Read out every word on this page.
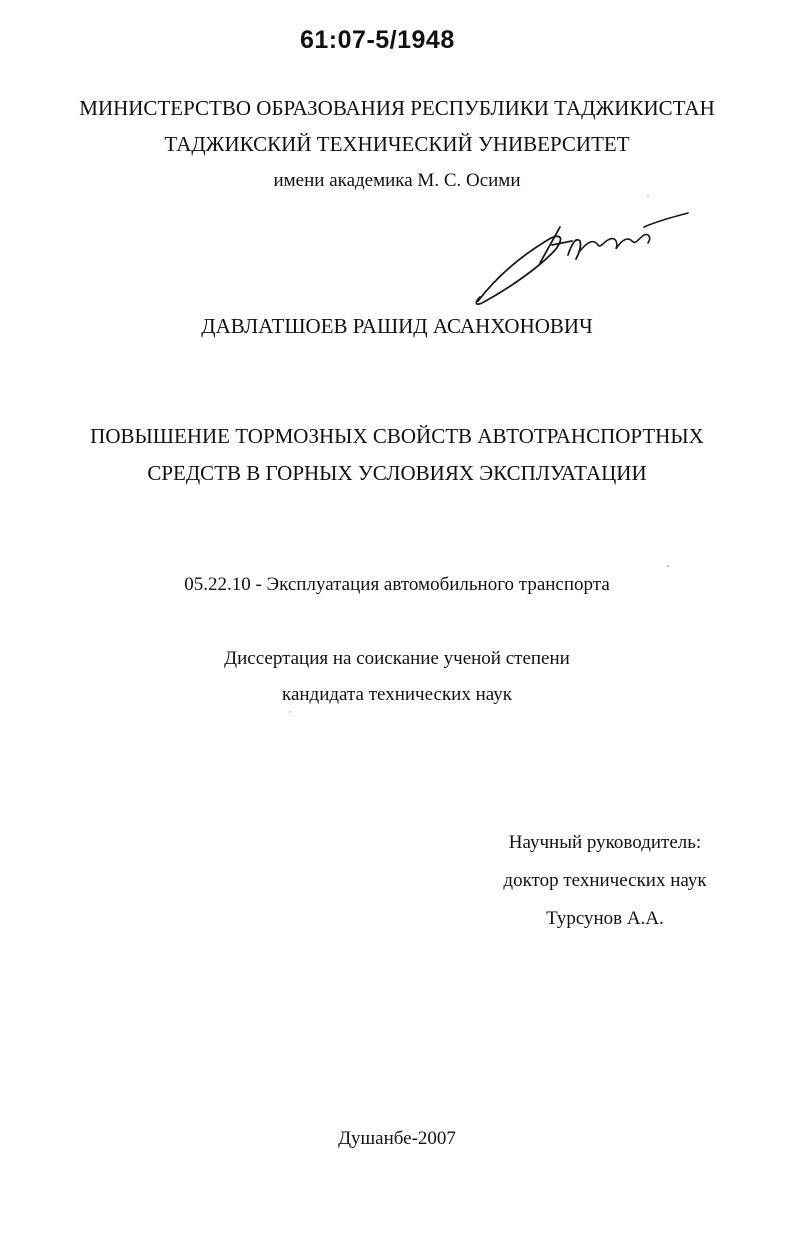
61:07-5/1948
МИНИСТЕРСТВО ОБРАЗОВАНИЯ РЕСПУБЛИКИ ТАДЖИКИСТАН
ТАДЖИКСКИЙ ТЕХНИЧЕСКИЙ УНИВЕРСИТЕТ
имени академика М. С. Осими
ДАВЛАТШОЕВ РАШИД АСАНХОНОВИЧ
ПОВЫШЕНИЕ ТОРМОЗНЫХ СВОЙСТВ АВТОТРАНСПОРТНЫХ
СРЕДСТВ В ГОРНЫХ УСЛОВИЯХ ЭКСПЛУАТАЦИИ
05.22.10 - Эксплуатация автомобильного транспорта
Диссертация на соискание ученой степени
кандидата технических наук
Научный руководитель:
доктор технических наук
Турсунов А.А.
Душанбе-2007
